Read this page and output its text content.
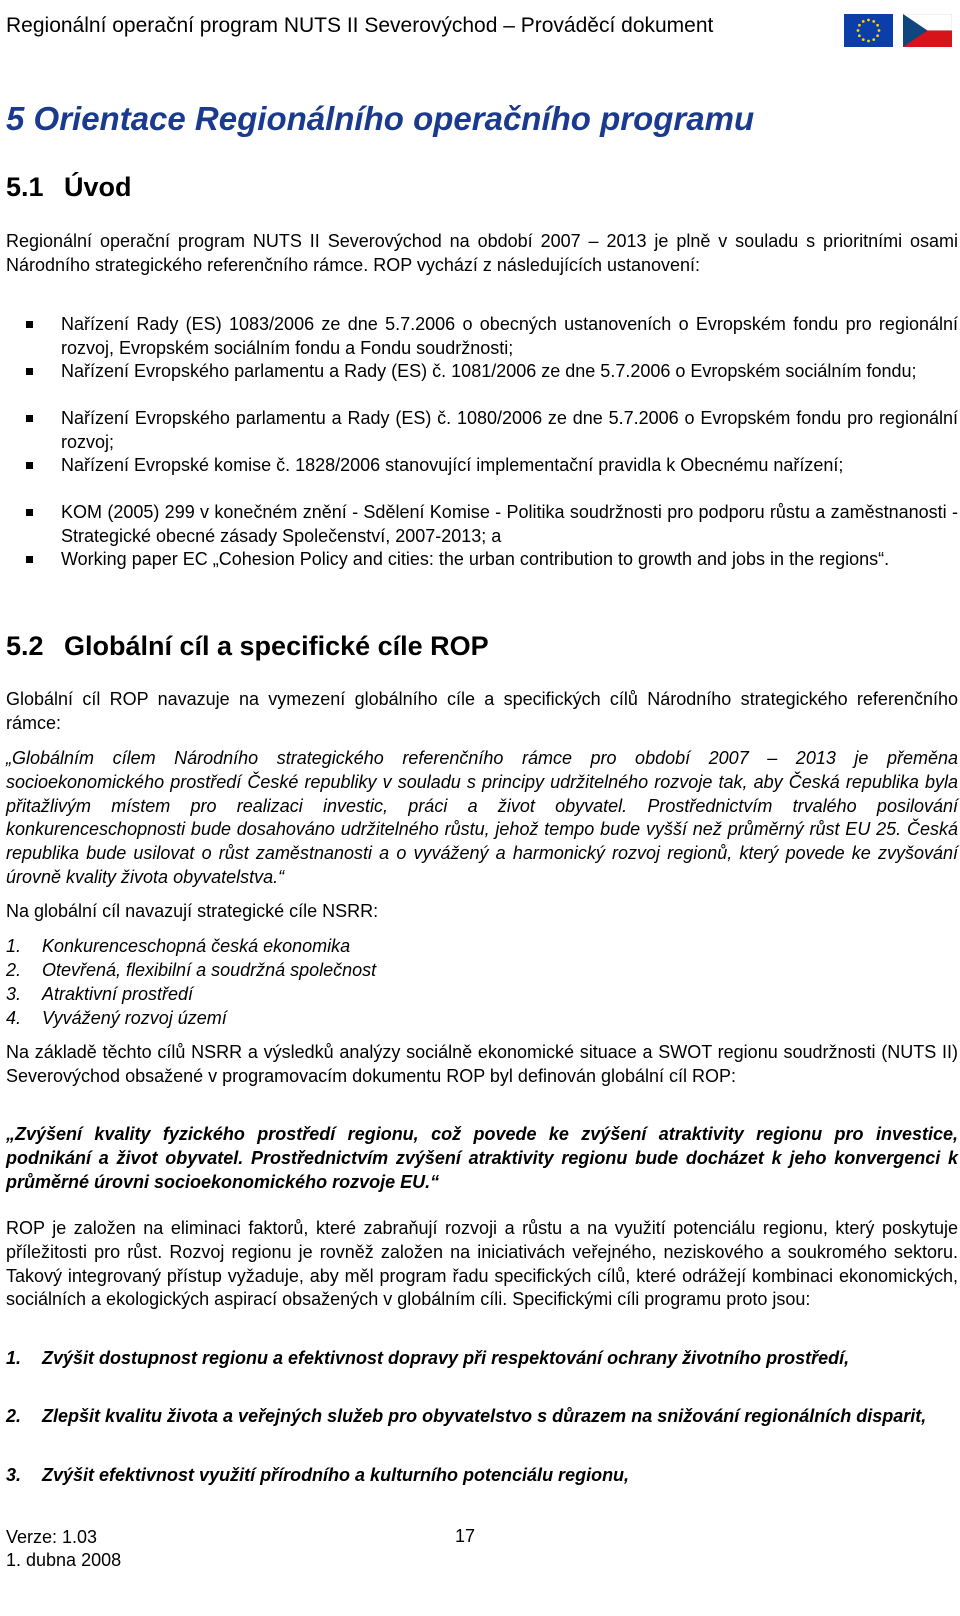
Regionální operační program NUTS II Severovýchod – Prováděcí dokument
5 Orientace Regionálního operačního programu
5.1 Úvod
Regionální operační program NUTS II Severovýchod na období 2007 – 2013 je plně v souladu s prioritními osami Národního strategického referenčního rámce. ROP vychází z následujících ustanovení:
Nařízení Rady (ES) 1083/2006 ze dne 5.7.2006 o obecných ustanoveních o Evropském fondu pro regionální rozvoj, Evropském sociálním fondu a Fondu soudržnosti;
Nařízení Evropského parlamentu a Rady (ES) č. 1081/2006 ze dne 5.7.2006 o Evropském sociálním fondu;
Nařízení Evropského parlamentu a Rady (ES) č. 1080/2006 ze dne 5.7.2006 o Evropském fondu pro regionální rozvoj;
Nařízení Evropské komise č. 1828/2006 stanovující implementační pravidla k Obecnému nařízení;
KOM (2005) 299 v konečném znění - Sdělení Komise - Politika soudržnosti pro podporu růstu a zaměstnanosti - Strategické obecné zásady Společenství, 2007-2013; a
Working paper EC „Cohesion Policy and cities: the urban contribution to growth and jobs in the regions“.
5.2 Globální cíl a specifické cíle ROP
Globální cíl ROP navazuje na vymezení globálního cíle a specifických cílů Národního strategického referenčního rámce:
„Globálním cílem Národního strategického referenčního rámce pro období 2007 – 2013 je přeměna socioekonomického prostředí České republiky v souladu s principy udržitelného rozvoje tak, aby Česká republika byla přitažlivým místem pro realizaci investic, práci a život obyvatel. Prostřednictvím trvalého posilování konkurenceschopnosti bude dosahováno udržitelného růstu, jehož tempo bude vyšší než průměrný růst EU 25. Česká republika bude usilovat o růst zaměstnanosti a o vyvážený a harmonický rozvoj regionů, který povede ke zvyšování úrovně kvality života obyvatelstva.“
Na globální cíl navazují strategické cíle NSRR:
1. Konkurenceschopná česká ekonomika
2. Otevřená, flexibilní a soudržná společnost
3. Atraktivní prostředí
4. Vyvážený rozvoj území
Na základě těchto cílů NSRR a výsledků analýzy sociálně ekonomické situace a SWOT regionu soudržnosti (NUTS II) Severovýchod obsažené v programovacím dokumentu ROP byl definován globální cíl ROP:
„Zvýšení kvality fyzického prostředí regionu, což povede ke zvýšení atraktivity regionu pro investice, podnikání a život obyvatel. Prostřednictvím zvýšení atraktivity regionu bude docházet k jeho konvergenci k průměrné úrovni socioekonomického rozvoje EU.“
ROP je založen na eliminaci faktorů, které zabraňují rozvoji a růstu a na využití potenciálu regionu, který poskytuje příležitosti pro růst. Rozvoj regionu je rovněž založen na iniciativách veřejného, neziskového a soukromého sektoru. Takový integrovaný přístup vyžaduje, aby měl program řadu specifických cílů, které odrážejí kombinaci ekonomických, sociálních a ekologických aspirací obsažených v globálním cíli. Specifickými cíli programu proto jsou:
1. Zvýšit dostupnost regionu a efektivnost dopravy při respektování ochrany životního prostředí,
2. Zlepšit kvalitu života a veřejných služeb pro obyvatelstvo s důrazem na snižování regionálních disparit,
3. Zvýšit efektivnost využití přírodního a kulturního potenciálu regionu,
Verze: 1.03
1. dubna 2008
17
